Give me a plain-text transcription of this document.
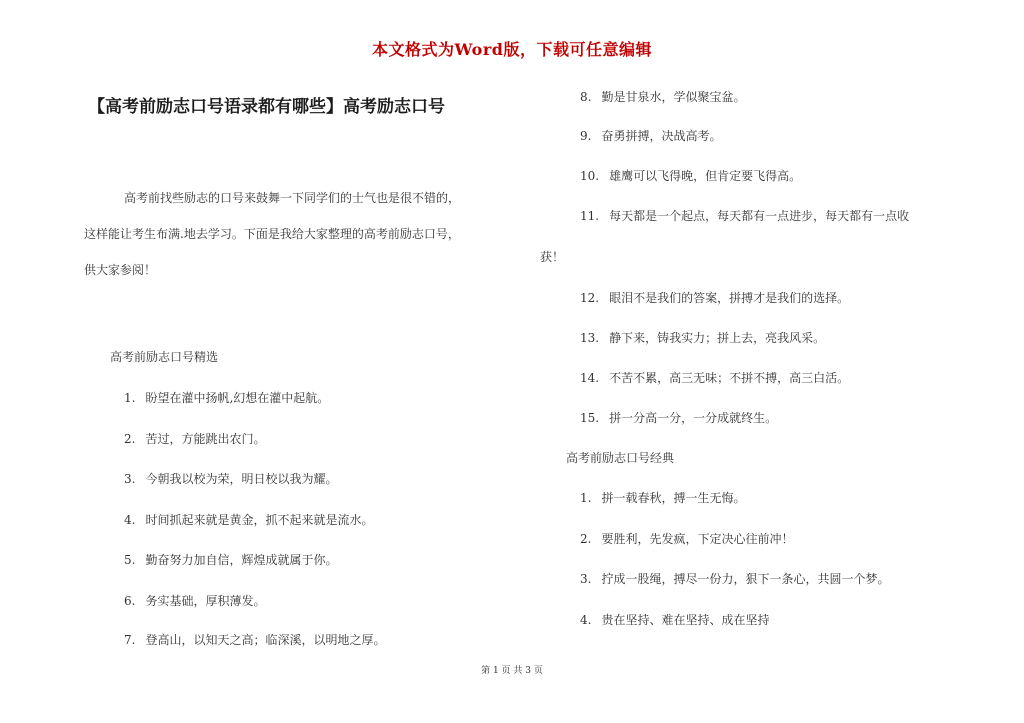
本文格式为Word版，下载可任意编辑
【高考前励志口号语录都有哪些】高考励志口号
高考前找些励志的口号来鼓舞一下同学们的士气也是很不错的，
这样能让考生布满.地去学习。下面是我给大家整理的高考前励志口号，
供大家参阅！
高考前励志口号精选
1. 盼望在灌中扬帆,幻想在灌中起航。
2. 苦过，方能跳出农门。
3. 今朝我以校为荣，明日校以我为耀。
4. 时间抓起来就是黄金，抓不起来就是流水。
5. 勤奋努力加自信，辉煌成就属于你。
6. 务实基础，厚积薄发。
7. 登高山，以知天之高；临深溪，以明地之厚。
8. 勤是甘泉水，学似聚宝盆。
9. 奋勇拼搏，决战高考。
10. 雄鹰可以飞得晚，但肯定要飞得高。
11. 每天都是一个起点，每天都有一点进步，每天都有一点收
获！
12. 眼泪不是我们的答案，拼搏才是我们的选择。
13. 静下来，铸我实力；拼上去，亮我风采。
14. 不苦不累，高三无味；不拼不搏，高三白活。
15. 拼一分高一分，一分成就终生。
高考前励志口号经典
1. 拼一载春秋，搏一生无悔。
2. 要胜利，先发疯，下定决心往前冲！
3. 拧成一股绳，搏尽一份力，狠下一条心，共圆一个梦。
4. 贵在坚持、难在坚持、成在坚持
第 1 页 共 3 页
